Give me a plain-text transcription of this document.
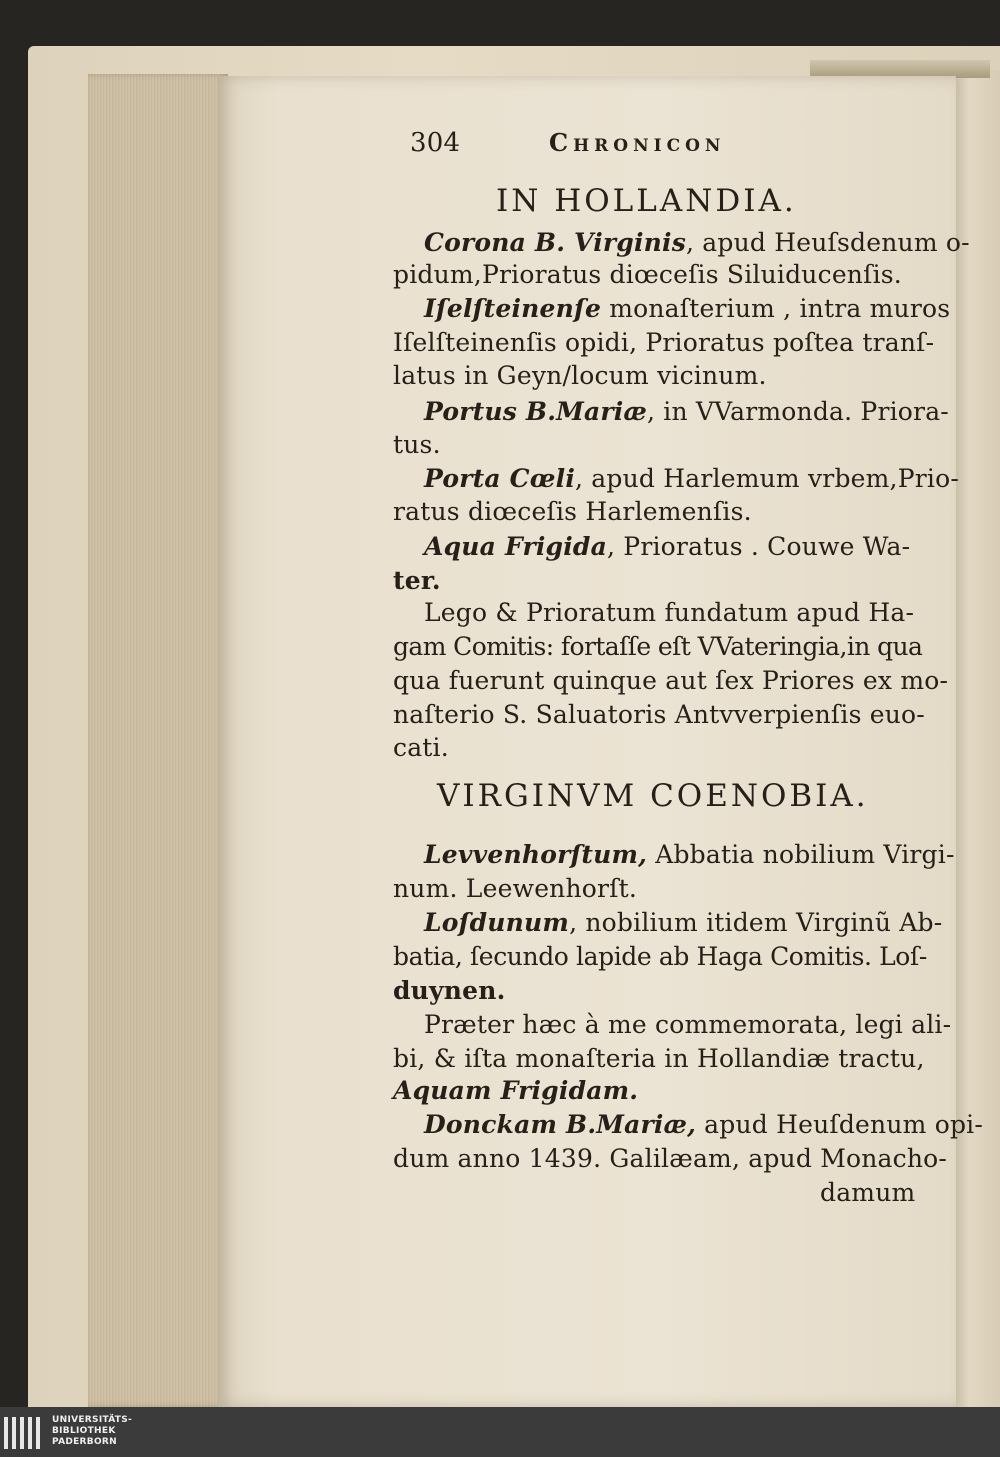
304	Chronicon
IN HOLLANDIA.
Corona B. Virginis, apud Heuſsdenum o-
pidum,Prioratus diœceſis Siluiducenſis.
Iſelſteinenſe monaſterium , intra muros
Iſelſteinenſis opidi, Prioratus poſtea tranſ-
latus in Geyn/locum vicinum.
Portus B.Mariæ, in VVarmonda. Priora-
tus.
Porta Cœli, apud Harlemum vrbem,Prio-
ratus diœceſis Harlemenſis.
Aqua Frigida, Prioratus . Couwe Wa-
ter.
Lego & Prioratum fundatum apud Ha-
gam Comitis: fortaſſe eſt VVateringia,in qua
qua fuerunt quinque aut ſex Priores ex mo-
naſterio S. Saluatoris Antvverpienſis euo-
cati.
VIRGINVM COENOBIA.
Levvenhorſtum, Abbatia nobilium Virgi-
num. Leewenhorſt.
Loſdunum, nobilium itidem Virginũ Ab-
batia, ſecundo lapide ab Haga Comitis. Loſ-
duynen.
Præter hæc à me commemorata, legi ali-
bi, & iſta monaſteria in Hollandiæ tractu,
Aquam Frigidam.
Donckam B.Mariæ, apud Heuſdenum opi-
dum anno 1439. Galilæam, apud Monacho-
damum
UNIVERSITÄTS-
BIBLIOTHEK
PADERBORN
